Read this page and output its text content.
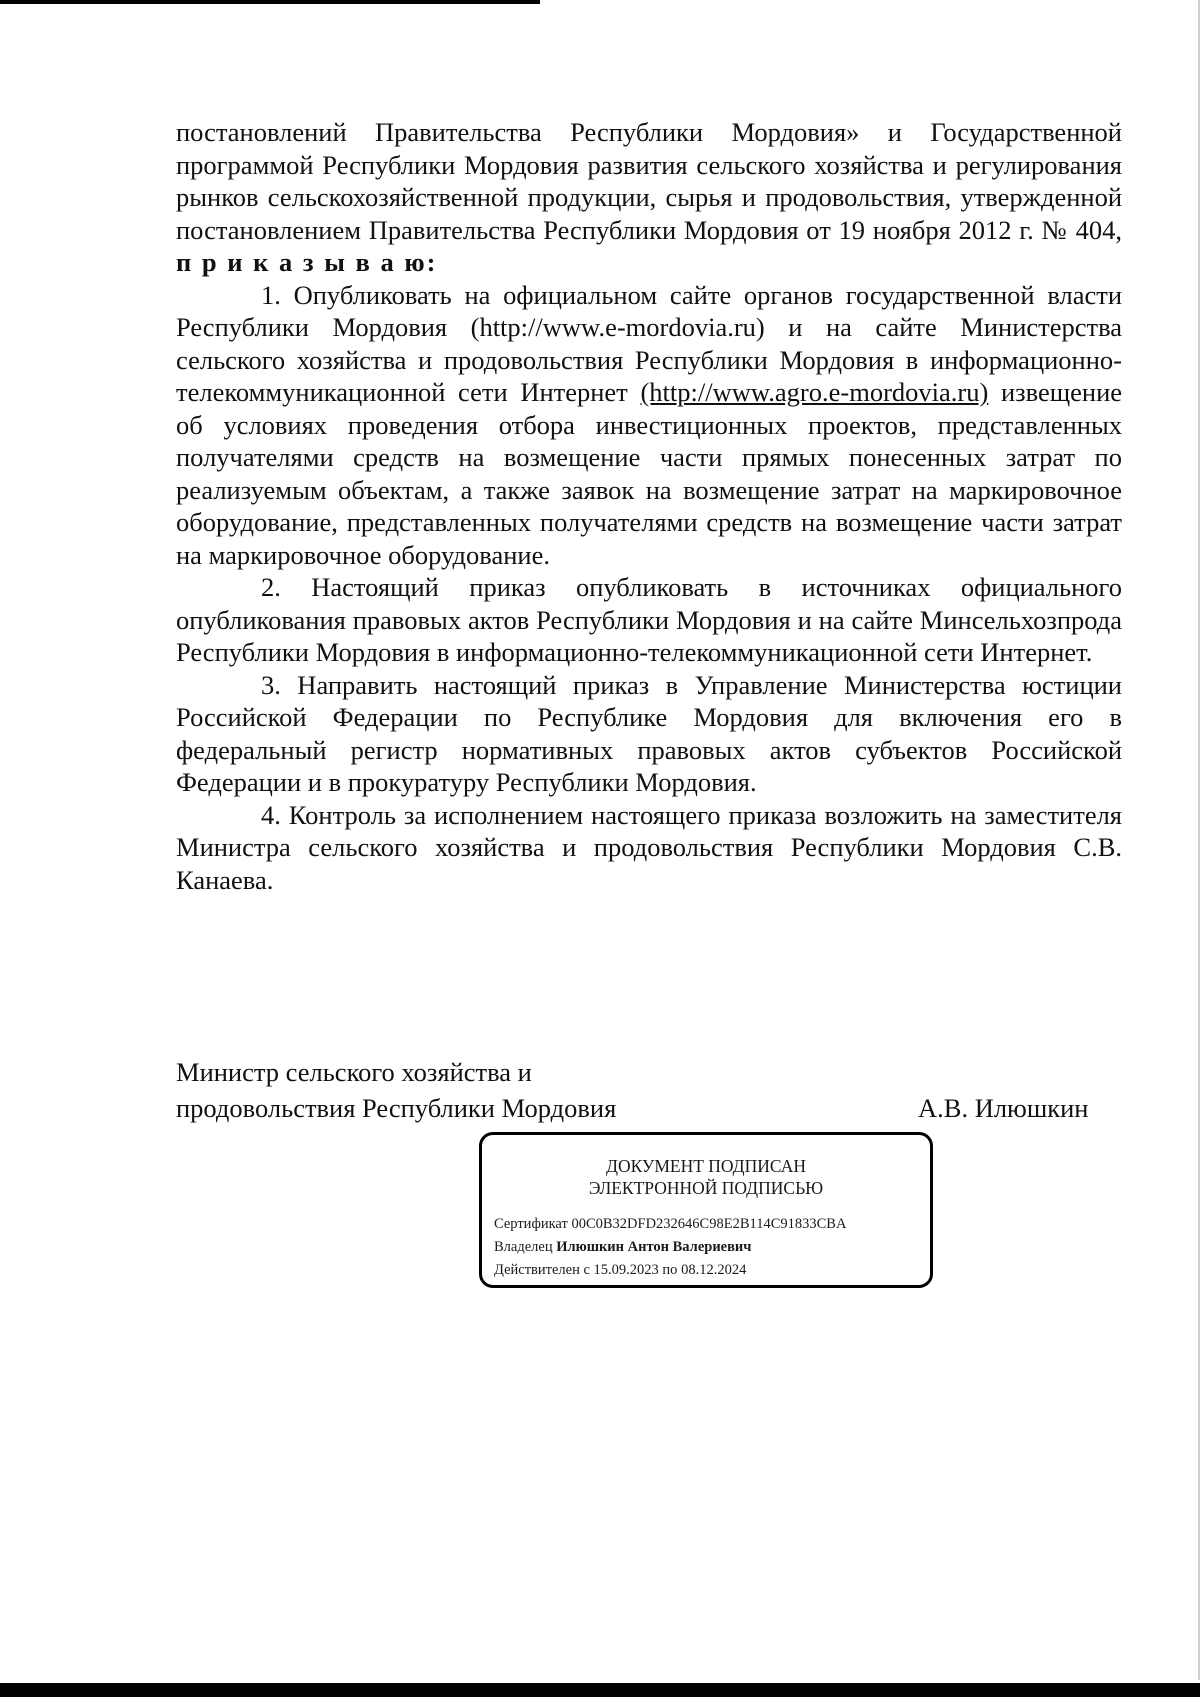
постановлений Правительства Республики Мордовия» и Государственной программой Республики Мордовия развития сельского хозяйства и регулирования рынков сельскохозяйственной продукции, сырья и продовольствия, утвержденной постановлением Правительства Республики Мордовия от 19 ноября 2012 г. № 404, п р и к а з ы в а ю:

1. Опубликовать на официальном сайте органов государственной власти Республики Мордовия (http://www.e-mordovia.ru) и на сайте Министерства сельского хозяйства и продовольствия Республики Мордовия в информационно-телекоммуникационной сети Интернет (http://www.agro.e-mordovia.ru) извещение об условиях проведения отбора инвестиционных проектов, представленных получателями средств на возмещение части прямых понесенных затрат по реализуемым объектам, а также заявок на возмещение затрат на маркировочное оборудование, представленных получателями средств на возмещение части затрат на маркировочное оборудование.

2. Настоящий приказ опубликовать в источниках официального опубликования правовых актов Республики Мордовия и на сайте Минсельхозпрода Республики Мордовия в информационно-телекоммуникационной сети Интернет.

3. Направить настоящий приказ в Управление Министерства юстиции Российской Федерации по Республике Мордовия для включения его в федеральный регистр нормативных правовых актов субъектов Российской Федерации и в прокуратуру Республики Мордовия.

4. Контроль за исполнением настоящего приказа возложить на заместителя Министра сельского хозяйства и продовольствия Республики Мордовия С.В. Канаева.

Министр сельского хозяйства и
продовольствия Республики Мордовия	А.В. Илюшкин
ДОКУМЕНТ ПОДПИСАН
ЭЛЕКТРОННОЙ ПОДПИСЬЮ
Сертификат 00C0B32DFD232646C98E2B114C91833CBA
Владелец Илюшкин Антон Валериевич
Действителен с 15.09.2023 по 08.12.2024
